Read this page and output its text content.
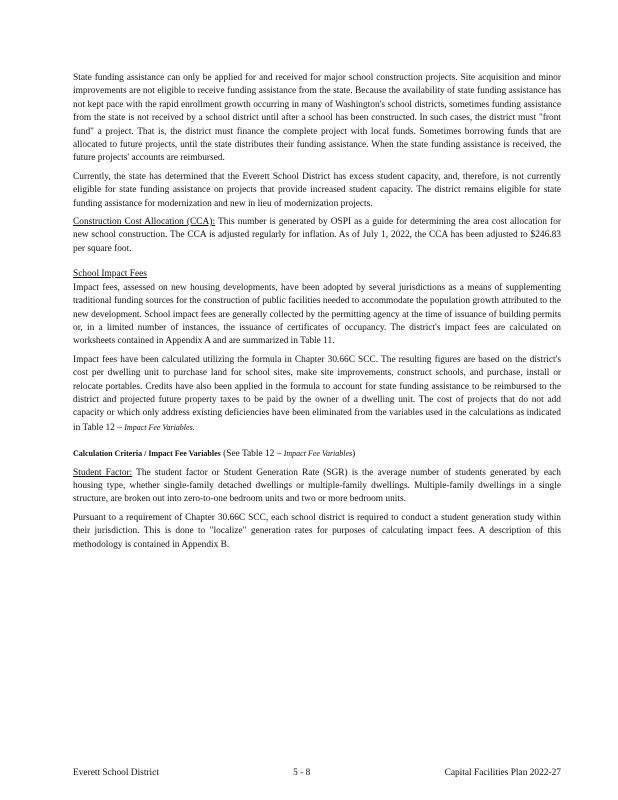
State funding assistance can only be applied for and received for major school construction projects. Site acquisition and minor improvements are not eligible to receive funding assistance from the state. Because the availability of state funding assistance has not kept pace with the rapid enrollment growth occurring in many of Washington's school districts, sometimes funding assistance from the state is not received by a school district until after a school has been constructed. In such cases, the district must "front fund" a project. That is, the district must finance the complete project with local funds. Sometimes borrowing funds that are allocated to future projects, until the state distributes their funding assistance. When the state funding assistance is received, the future projects' accounts are reimbursed.

Currently, the state has determined that the Everett School District has excess student capacity, and, therefore, is not currently eligible for state funding assistance on projects that provide increased student capacity. The district remains eligible for state funding assistance for modernization and new in lieu of modernization projects.

Construction Cost Allocation (CCA): This number is generated by OSPI as a guide for determining the area cost allocation for new school construction. The CCA is adjusted regularly for inflation. As of July 1, 2022, the CCA has been adjusted to $246.83 per square foot.

School Impact Fees

Impact fees, assessed on new housing developments, have been adopted by several jurisdictions as a means of supplementing traditional funding sources for the construction of public facilities needed to accommodate the population growth attributed to the new development. School impact fees are generally collected by the permitting agency at the time of issuance of building permits or, in a limited number of instances, the issuance of certificates of occupancy. The district's impact fees are calculated on worksheets contained in Appendix A and are summarized in Table 11.

Impact fees have been calculated utilizing the formula in Chapter 30.66C SCC. The resulting figures are based on the district's cost per dwelling unit to purchase land for school sites, make site improvements, construct schools, and purchase, install or relocate portables. Credits have also been applied in the formula to account for state funding assistance to be reimbursed to the district and projected future property taxes to be paid by the owner of a dwelling unit. The cost of projects that do not add capacity or which only address existing deficiencies have been eliminated from the variables used in the calculations as indicated in Table 12 – Impact Fee Variables.

Calculation Criteria / Impact Fee Variables (See Table 12 – Impact Fee Variables)

Student Factor: The student factor or Student Generation Rate (SGR) is the average number of students generated by each housing type, whether single-family detached dwellings or multiple-family dwellings. Multiple-family dwellings in a single structure, are broken out into zero-to-one bedroom units and two or more bedroom units.

Pursuant to a requirement of Chapter 30.66C SCC, each school district is required to conduct a student generation study within their jurisdiction. This is done to "localize" generation rates for purposes of calculating impact fees. A description of this methodology is contained in Appendix B.

Everett School District	5 - 8	Capital Facilities Plan 2022-27
